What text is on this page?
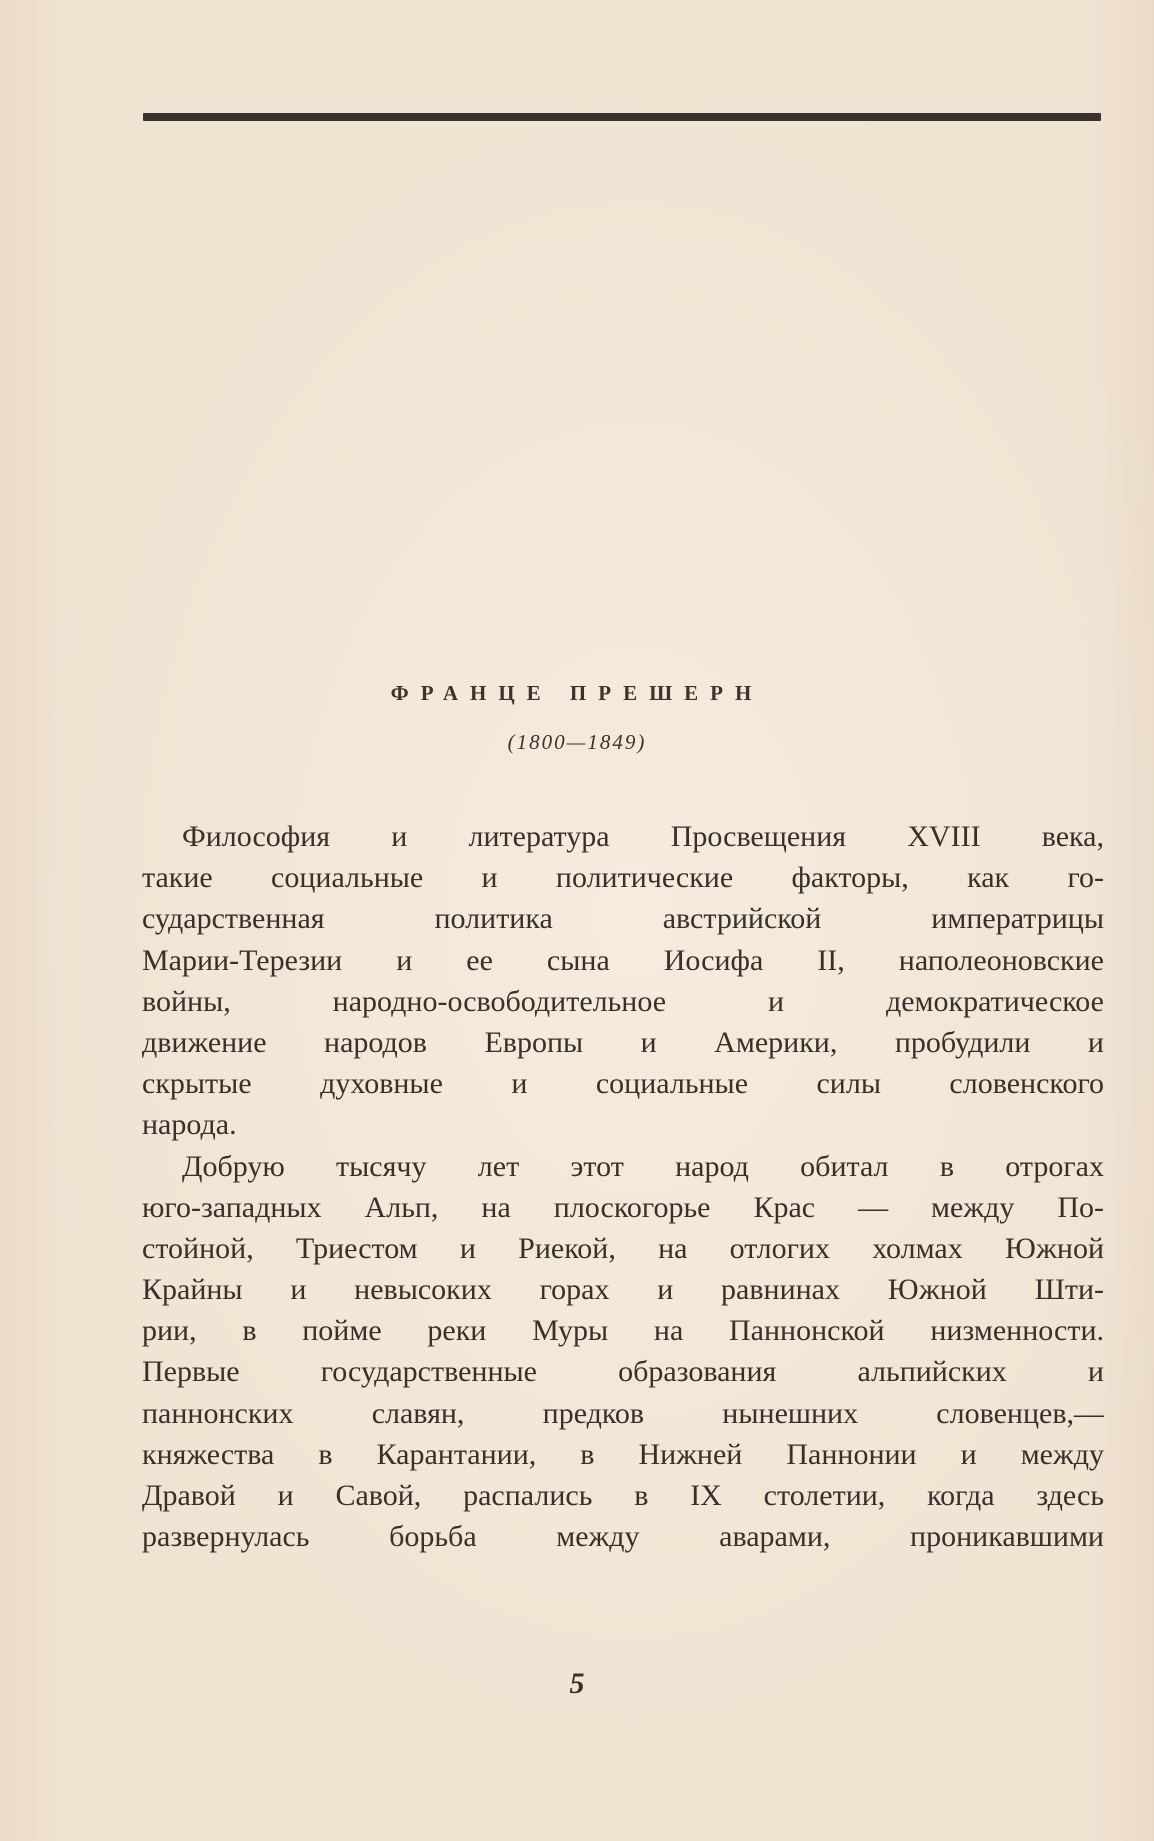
ФРАНЦЕ ПРЕШЕРН
(1800—1849)
Философия и литература Просвещения XVIII века,
такие социальные и политические факторы, как го-
сударственная политика австрийской императрицы
Марии-Терезии и ее сына Иосифа II, наполеоновские
войны, народно-освободительное и демократическое
движение народов Европы и Америки, пробудили и
скрытые духовные и социальные силы словенского
народа.
Добрую тысячу лет этот народ обитал в отрогах
юго-западных Альп, на плоскогорье Крас — между По-
стойной, Триестом и Риекой, на отлогих холмах Южной
Крайны и невысоких горах и равнинах Южной Шти-
рии, в пойме реки Муры на Паннонской низменности.
Первые государственные образования альпийских и
паннонских славян, предков нынешних словенцев,—
княжества в Карантании, в Нижней Паннонии и между
Дравой и Савой, распались в IX столетии, когда здесь
развернулась борьба между аварами, проникавшими
5
